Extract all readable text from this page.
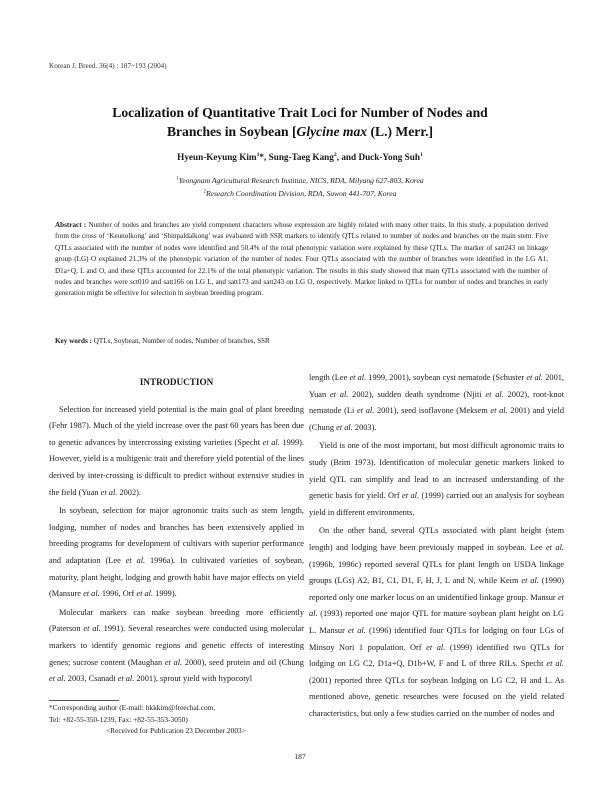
Korean J. Breed. 36(4) : 187~193 (2004)
Localization of Quantitative Trait Loci for Number of Nodes and
Branches in Soybean [Glycine max (L.) Merr.]
Hyeun-Keyung Kim$^1$*, Sung-Taeg Kang$^2$, and Duck-Yong Suh$^1$
$^1$Yeongnam Agricultural Research Institute, NICS, RDA, Milyang 627-803, Korea
$^2$Research Coordination Division, RDA, Suwon 441-707, Korea
Abstract : Number of nodes and branches are yield component characters whose expression are highly related with many other traits. In this study, a population derived from the cross of ‘Keunolkong’ and ‘Shinpaldalkong’ was evaluated with SSR markers to identify QTLs related to number of nodes and branches on the main stem. Five QTLs associated with the number of nodes were identified and 50.4% of the total phenotypic variation were explained by these QTLs. The marker of satt243 on linkage group (LG) O explained 21.3% of the phenotypic variation of the number of nodes. Four QTLs associated with the number of branches were identified in the LG A1, D1a+Q, L and O, and these QTLs accounted for 22.1% of the total phenotypic variation. The results in this study showed that main QTLs associated with the number of nodes and branches were sct010 and satt166 on LG L, and satt173 and satt243 on LG O, respectively. Marker linked to QTLs for number of nodes and branches in early generation might be effective for selection in soybean breeding program.
Key words : QTLs, Soybean, Number of nodes, Number of branches, SSR

INTRODUCTION

Selection for increased yield potential is the main goal of plant breeding (Fehr 1987). Much of the yield increase over the past 60 years has been due to genetic advances by intercrossing existing varieties (Specht et al. 1999). However, yield is a multigenic trait and therefore yield potential of the lines derived by inter-crossing is difficult to predict without extensive studies in the field (Yuan et al. 2002).

In soybean, selection for major agronomic traits such as stem length, lodging, number of nodes and branches has been extensively applied in breeding programs for development of cultivars with superior performance and adaptation (Lee et al. 1996a). In cultivated varieties of soybean, maturity, plant height, lodging and growth habit have major effects on yield (Mansure et al. 1996, Orf et al. 1999).

Molecular markers can make soybean breeding more efficiently (Paterson et al. 1991). Several researches were conducted using molecular markers to identify genomic regions and genetic effects of interesting genes; sucrose content (Maughan et al. 2000), seed protein and oil (Chung et al. 2003, Csanadi et al. 2001), sprout yield with hypocotyl

length (Lee et al. 1999, 2001), soybean cyst nematode (Schuster et al. 2001, Yuan et al. 2002), sudden death syndrome (Njiti et al. 2002), root-knot nematode (Li et al. 2001), seed isoflavone (Meksem et al. 2001) and yield (Chung et al. 2003).

Yield is one of the most important, but most difficult agronomic traits to study (Brim 1973). Identification of molecular genetic markers linked to yield QTL can simplify and lead to an increased understanding of the genetic basis for yield. Orf et al. (1999) carried out an analysis for soybean yield in different environments.

On the other hand, several QTLs associated with plant height (stem length) and lodging have been previously mapped in soybean. Lee et al. (1996b, 1996c) reported several QTLs for plant length on USDA linkage groups (LGs) A2, B1, C1, D1, F, H, J, L and N, while Keim et al. (1990) reported only one marker locus on an unidentified linkage group. Mansur et al. (1993) reported one major QTL for mature soybean plant height on LG L. Mansur et al. (1996) identified four QTLs for lodging on four LGs of Minsoy Nori 1 population. Orf et al. (1999) identified two QTLs for lodging on LG C2, D1a+Q, D1b+W, F and L of three RILs. Specht et al. (2001) reported three QTLs for soybean lodging on LG C2, H and L. As mentioned above, genetic researches were focused on the yield related characteristics, but only a few studies carried on the number of nodes and

*Corresponding author (E-mail: hkkkim@freechal.com,
Tel: +82-55-350-1239, Fax: +82-55-353-3050)
<Received for Publication 23 December 2003>
187
